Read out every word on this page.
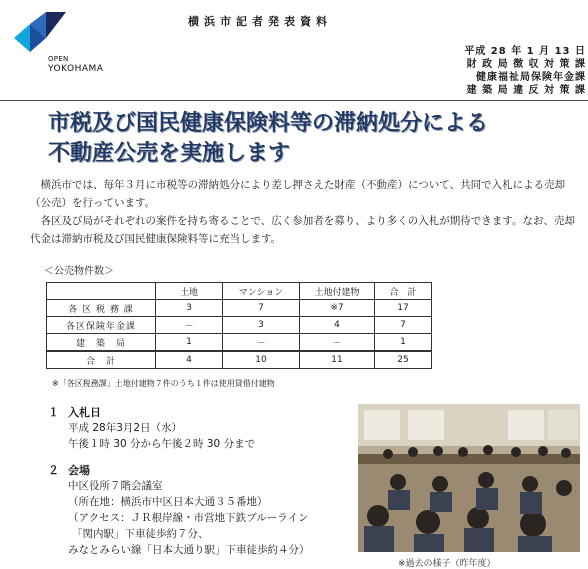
OPEN
YOKOHAMA
横浜市記者発表資料
平成 28 年 1 月 13 日
財 政 局 徴 収 対 策 課
健康福祉局保険年金課
建 築 局 違 反 対 策 課
市税及び国民健康保険料等の滞納処分による
不動産公売を実施します
横浜市では、毎年３月に市税等の滞納処分により差し押さえた財産（不動産）について、共同で入札による売却（公売）を行っています。
各区及び局がそれぞれの案件を持ち寄ることで、広く参加者を募り、より多くの入札が期待できます。なお、売却代金は滞納市税及び国民健康保険料等に充当します。
＜公売物件数＞
	土地	マンション	土地付建物	合　計
各 区 税 務 課	3	7	※7	17
各区保険年金課	－	3	4	7
建　築　局	1	－	－	1
合　計	4	10	11	25
※「各区税務課」土地付建物７件のうち１件は使用貸借付建物
１ 入札日
平成 28年3月2日（水）
午後１時 30 分から午後２時 30 分まで
２ 会場
中区役所７階会議室
（所在地：横浜市中区日本大通３５番地）
（アクセス：ＪＲ根岸線・市営地下鉄ブルーライン
「関内駅」下車徒歩約７分、
みなとみらい線「日本大通り駅」下車徒歩約４分）
※過去の様子（昨年度）
